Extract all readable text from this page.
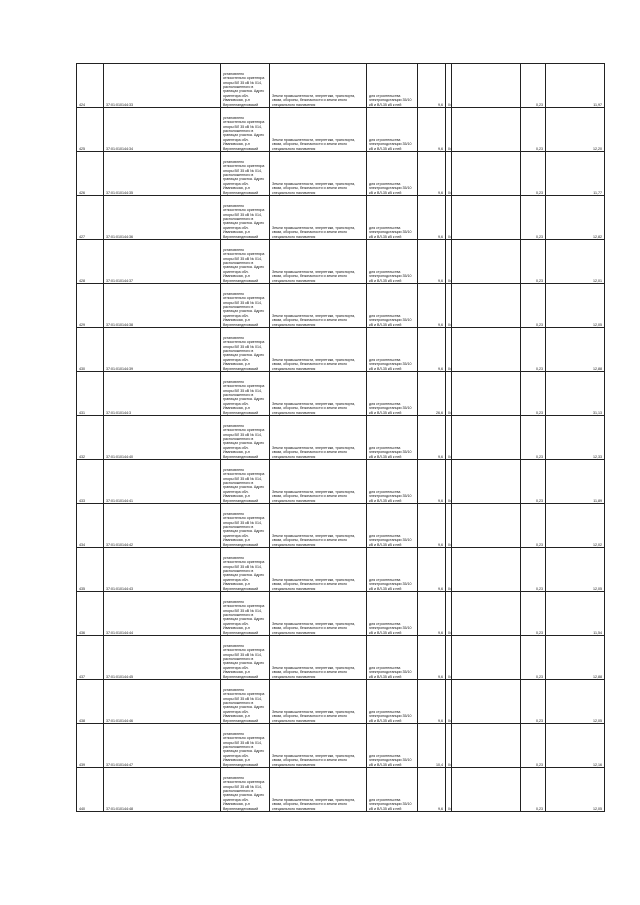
424	37:01:010144:33	установлено относительно ориентира опоры ВЛ 35 кВ № 014, расположенного в границах участка. Адрес ориентира обл. Ивановская, р-н Верхнеландеховский	Земли промышленности, энергетики, транспорта, связи, обороны, безопасности и земли иного специального назначения	для строительства электроподстанции 35/10 кВ и ВЛ-35 кВ к ней	9,6	04		0,23	11,97
425	37:01:010144:34	установлено относительно ориентира опоры ВЛ 35 кВ № 014, расположенного в границах участка. Адрес ориентира обл. Ивановская, р-н Верхнеландеховский	Земли промышленности, энергетики, транспорта, связи, обороны, безопасности и земли иного специального назначения	для строительства электроподстанции 35/10 кВ и ВЛ-35 кВ к ней	9,6	04		0,23	12,20
426	37:01:010144:35	установлено относительно ориентира опоры ВЛ 35 кВ № 014, расположенного в границах участка. Адрес ориентира обл. Ивановская, р-н Верхнеландеховский	Земли промышленности, энергетики, транспорта, связи, обороны, безопасности и земли иного специального назначения	для строительства электроподстанции 35/10 кВ и ВЛ-35 кВ к ней	9,6	04		0,23	11,77
427	37:01:010144:36	установлено относительно ориентира опоры ВЛ 35 кВ № 014, расположенного в границах участка. Адрес ориентира обл. Ивановская, р-н Верхнеландеховский	Земли промышленности, энергетики, транспорта, связи, обороны, безопасности и земли иного специального назначения	для строительства электроподстанции 35/10 кВ и ВЛ-35 кВ к ней	9,6	04		0,23	12,82
428	37:01:010144:37	установлено относительно ориентира опоры ВЛ 35 кВ № 014, расположенного в границах участка. Адрес ориентира обл. Ивановская, р-н Верхнеландеховский	Земли промышленности, энергетики, транспорта, связи, обороны, безопасности и земли иного специального назначения	для строительства электроподстанции 35/10 кВ и ВЛ-35 кВ к ней	9,6	04		0,23	12,01
429	37:01:010144:38	установлено относительно ориентира опоры ВЛ 35 кВ № 014, расположенного в границах участка. Адрес ориентира обл. Ивановская, р-н Верхнеландеховский	Земли промышленности, энергетики, транспорта, связи, обороны, безопасности и земли иного специального назначения	для строительства электроподстанции 35/10 кВ и ВЛ-35 кВ к ней	9,6	04		0,23	12,05
430	37:01:010144:39	установлено относительно ориентира опоры ВЛ 35 кВ № 014, расположенного в границах участка. Адрес ориентира обл. Ивановская, р-н Верхнеландеховский	Земли промышленности, энергетики, транспорта, связи, обороны, безопасности и земли иного специального назначения	для строительства электроподстанции 35/10 кВ и ВЛ-35 кВ к ней	9,6	04		0,23	12,88
431	37:01:010144:3	установлено относительно ориентира опоры ВЛ 35 кВ № 014, расположенного в границах участка. Адрес ориентира обл. Ивановская, р-н Верхнеландеховский	Земли промышленности, энергетики, транспорта, связи, обороны, безопасности и земли иного специального назначения	для строительства электроподстанции 35/10 кВ и ВЛ-35 кВ к ней	26,6	04		0,23	31,13
432	37:01:010144:40	установлено относительно ориентира опоры ВЛ 35 кВ № 014, расположенного в границах участка. Адрес ориентира обл. Ивановская, р-н Верхнеландеховский	Земли промышленности, энергетики, транспорта, связи, обороны, безопасности и земли иного специального назначения	для строительства электроподстанции 35/10 кВ и ВЛ-35 кВ к ней	9,6	04		0,23	12,33
433	37:01:010144:41	установлено относительно ориентира опоры ВЛ 35 кВ № 014, расположенного в границах участка. Адрес ориентира обл. Ивановская, р-н Верхнеландеховский	Земли промышленности, энергетики, транспорта, связи, обороны, безопасности и земли иного специального назначения	для строительства электроподстанции 35/10 кВ и ВЛ-35 кВ к ней	9,6	04		0,23	11,89
434	37:01:010144:42	установлено относительно ориентира опоры ВЛ 35 кВ № 014, расположенного в границах участка. Адрес ориентира обл. Ивановская, р-н Верхнеландеховский	Земли промышленности, энергетики, транспорта, связи, обороны, безопасности и земли иного специального назначения	для строительства электроподстанции 35/10 кВ и ВЛ-35 кВ к ней	9,6	04		0,23	12,02
435	37:01:010144:43	установлено относительно ориентира опоры ВЛ 35 кВ № 014, расположенного в границах участка. Адрес ориентира обл. Ивановская, р-н Верхнеландеховский	Земли промышленности, энергетики, транспорта, связи, обороны, безопасности и земли иного специального назначения	для строительства электроподстанции 35/10 кВ и ВЛ-35 кВ к ней	9,6	04		0,23	12,05
436	37:01:010144:44	установлено относительно ориентира опоры ВЛ 35 кВ № 014, расположенного в границах участка. Адрес ориентира обл. Ивановская, р-н Верхнеландеховский	Земли промышленности, энергетики, транспорта, связи, обороны, безопасности и земли иного специального назначения	для строительства электроподстанции 35/10 кВ и ВЛ-35 кВ к ней	9,6	04		0,23	11,54
437	37:01:010144:45	установлено относительно ориентира опоры ВЛ 35 кВ № 014, расположенного в границах участка. Адрес ориентира обл. Ивановская, р-н Верхнеландеховский	Земли промышленности, энергетики, транспорта, связи, обороны, безопасности и земли иного специального назначения	для строительства электроподстанции 35/10 кВ и ВЛ-35 кВ к ней	9,6	04		0,23	12,88
438	37:01:010144:46	установлено относительно ориентира опоры ВЛ 35 кВ № 014, расположенного в границах участка. Адрес ориентира обл. Ивановская, р-н Верхнеландеховский	Земли промышленности, энергетики, транспорта, связи, обороны, безопасности и земли иного специального назначения	для строительства электроподстанции 35/10 кВ и ВЛ-35 кВ к ней	9,6	04		0,23	12,05
439	37:01:010144:47	установлено относительно ориентира опоры ВЛ 35 кВ № 014, расположенного в границах участка. Адрес ориентира обл. Ивановская, р-н Верхнеландеховский	Земли промышленности, энергетики, транспорта, связи, обороны, безопасности и земли иного специального назначения	для строительства электроподстанции 35/10 кВ и ВЛ-35 кВ к ней	10,4	04		0,23	12,16
440	37:01:010144:48	установлено относительно ориентира опоры ВЛ 35 кВ № 014, расположенного в границах участка. Адрес ориентира обл. Ивановская, р-н Верхнеландеховский	Земли промышленности, энергетики, транспорта, связи, обороны, безопасности и земли иного специального назначения	для строительства электроподстанции 35/10 кВ и ВЛ-35 кВ к ней	9,6	04		0,23	12,05
